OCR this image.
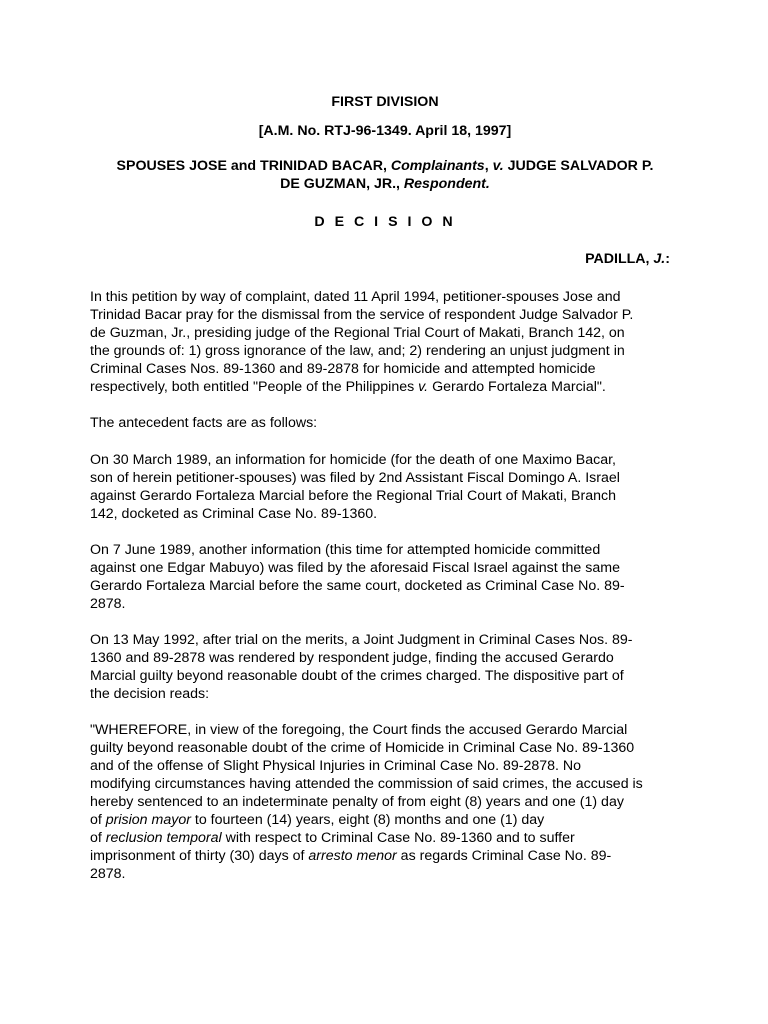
FIRST DIVISION
[A.M. No. RTJ-96-1349. April 18, 1997]
SPOUSES JOSE and TRINIDAD BACAR, Complainants, v. JUDGE SALVADOR P.
DE GUZMAN, JR., Respondent.
D E C I S I O N
PADILLA, J.:

In this petition by way of complaint, dated 11 April 1994, petitioner-spouses Jose and
Trinidad Bacar pray for the dismissal from the service of respondent Judge Salvador P.
de Guzman, Jr., presiding judge of the Regional Trial Court of Makati, Branch 142, on
the grounds of: 1) gross ignorance of the law, and; 2) rendering an unjust judgment in
Criminal Cases Nos. 89-1360 and 89-2878 for homicide and attempted homicide
respectively, both entitled "People of the Philippines v. Gerardo Fortaleza Marcial".

The antecedent facts are as follows:

On 30 March 1989, an information for homicide (for the death of one Maximo Bacar,
son of herein petitioner-spouses) was filed by 2nd Assistant Fiscal Domingo A. Israel
against Gerardo Fortaleza Marcial before the Regional Trial Court of Makati, Branch
142, docketed as Criminal Case No. 89-1360.

On 7 June 1989, another information (this time for attempted homicide committed
against one Edgar Mabuyo) was filed by the aforesaid Fiscal Israel against the same
Gerardo Fortaleza Marcial before the same court, docketed as Criminal Case No. 89-
2878.

On 13 May 1992, after trial on the merits, a Joint Judgment in Criminal Cases Nos. 89-
1360 and 89-2878 was rendered by respondent judge, finding the accused Gerardo
Marcial guilty beyond reasonable doubt of the crimes charged. The dispositive part of
the decision reads:

"WHEREFORE, in view of the foregoing, the Court finds the accused Gerardo Marcial
guilty beyond reasonable doubt of the crime of Homicide in Criminal Case No. 89-1360
and of the offense of Slight Physical Injuries in Criminal Case No. 89-2878. No
modifying circumstances having attended the commission of said crimes, the accused is
hereby sentenced to an indeterminate penalty of from eight (8) years and one (1) day
of prision mayor to fourteen (14) years, eight (8) months and one (1) day
of reclusion temporal with respect to Criminal Case No. 89-1360 and to suffer
imprisonment of thirty (30) days of arresto menor as regards Criminal Case No. 89-
2878.
